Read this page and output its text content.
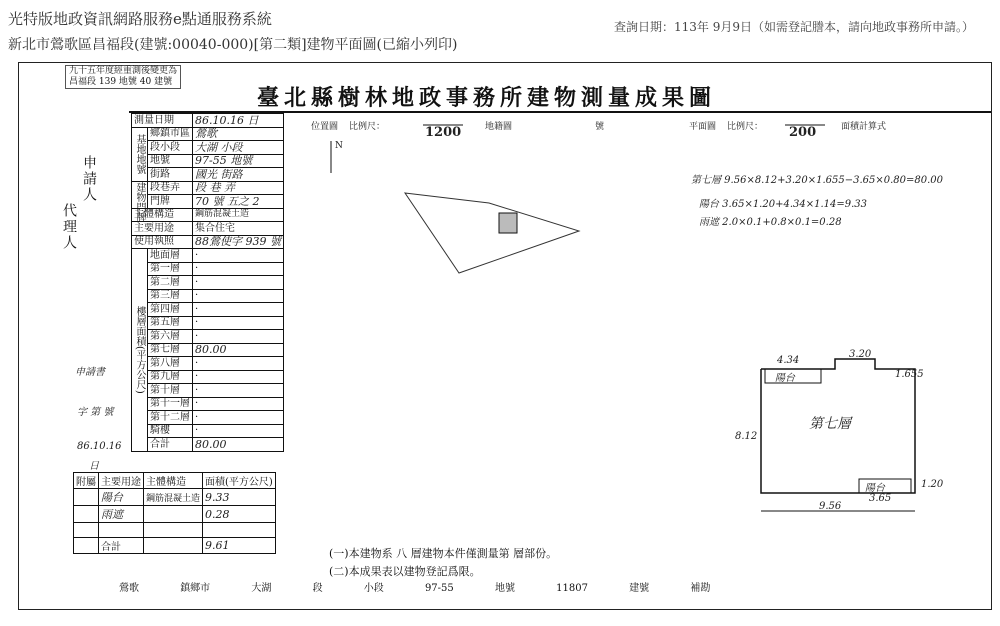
光特版地政資訊網路服務e點通服務系統
新北市鶯歌區昌福段(建號:00040-000)[第二類]建物平面圖(已縮小列印)
查詢日期：113年 9月9日（如需登記謄本，請向地政事務所申請。）
九十五年度經重測後變更為
昌福段 139 地號 40 建號
臺北縣樹林地政事務所建物測量成果圖
申請人
代理人
測量日期		86.10.16 日
基地地號	鄉鎮市區	鶯歌
	段小段	大湖 小段
	地號	97-55 地號
	街路	國光 街路
建物門牌	段巷弄	段 巷 弄
	門牌	70 號 五之 2
主體構造		鋼筋混凝土造
主要用途		集合住宅
使用執照		88鶯使字 939 號
樓層面積(平方公尺)	地面層	·
	第一層	·
	第二層	·
	第三層	·
	第四層	·
	第五層	·
	第六層	·
	第七層	80.00
	第八層	·
	第九層	·
	第十層	·
	第十一層	·
	第十二層	·
	騎樓	·
	合計	80.00
申請書
字 第 號
86.10.16
日
附屬	主要用途	主體構造	面積(平方公尺)
	陽台	鋼筋混凝土造	9.33
	雨遮		0.28

	合計		9.61
位置圖 比例尺：	1200	地籍圖	號	平面圖 比例尺： 200	面積計算式
N
第七層 9.56×8.12+3.20×1.655−3.65×0.80=80.00
陽台 3.65×1.20+4.34×1.14=9.33
雨遮 2.0×0.1+0.8×0.1=0.28
第七層
陽台
陽台
4.34
3.20
1.655
8.12
9.56
3.65
1.20
(一)本建物系 八 層建物本件僅測量第 層部份。
(二)本成果表以建物登記爲限。
鶯歌	鎮鄉市	大湖	段	小段	97-55	地號	11807	建號	補勘
